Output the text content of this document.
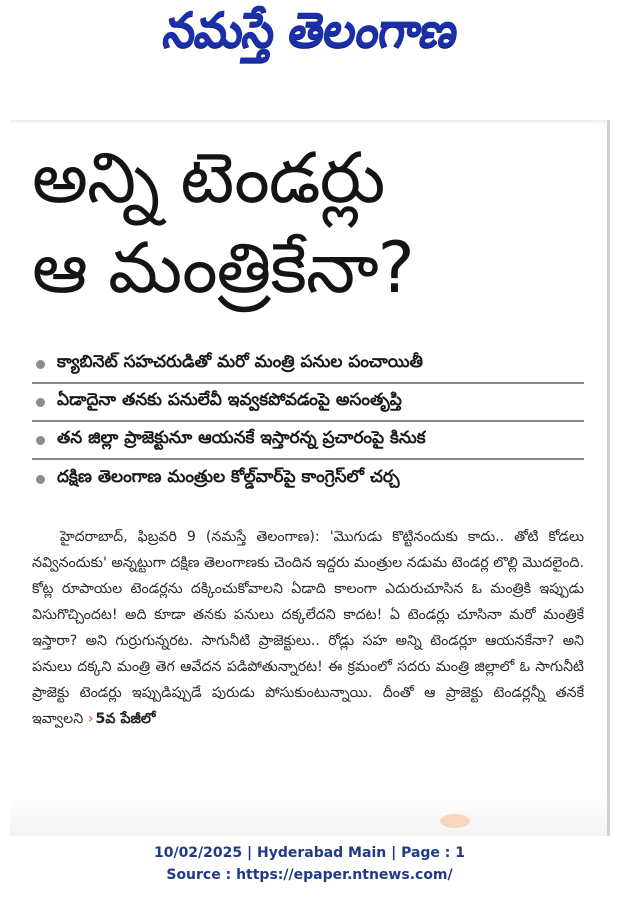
నమస్తే తెలంగాణ
అన్ని టెండర్లు
ఆ మంత్రికేనా?
క్యాబినెట్ సహచరుడితో మరో మంత్రి పనుల పంచాయితీ
ఏడాదైనా తనకు పనులేవీ ఇవ్వకపోవడంపై అసంతృప్తి
తన జిల్లా ప్రాజెక్టునూ ఆయనకే ఇస్తారన్న ప్రచారంపై కినుక
దక్షిణ తెలంగాణ మంత్రుల కోల్డ్‌వార్‌పై కాంగ్రెస్‌లో చర్చ

హైదరాబాద్, ఫిబ్రవరి 9 (నమస్తే తెలంగాణ): 'మొగుడు కొట్టినందుకు కాదు.. తోటి కోడలు నవ్వినందుకు' అన్నట్టుగా దక్షిణ తెలంగాణకు చెందిన ఇద్దరు మంత్రుల నడుమ టెండర్ల లొల్లి మొదలైంది. కోట్ల రూపాయల టెండర్లను దక్కించుకోవాలని ఏడాది కాలంగా ఎదురుచూసిన ఓ మంత్రికి ఇప్పుడు విసుగొచ్చిందట! అది కూడా తనకు పనులు దక్కలేదని కాదట! ఏ టెండర్లు చూసినా మరో మంత్రికే ఇస్తారా? అని గుర్రుగున్నరట. సాగునీటి ప్రాజెక్టులు.. రోడ్లు సహ అన్ని టెండర్లూ ఆయనకేనా? అని పనులు దక్కని మంత్రి తెగ ఆవేదన పడిపోతున్నారట! ఈ క్రమంలో సదరు మంత్రి జిల్లాలో ఓ సాగునీటి ప్రాజెక్టు టెండర్లు ఇప్పుడిప్పుడే పురుడు పోసుకుంటున్నాయి. దీంతో ఆ ప్రాజెక్టు టెండర్లన్నీ తనకే ఇవ్వాలని › 5వ పేజీలో

10/02/2025 | Hyderabad Main | Page : 1
Source : https://epaper.ntnews.com/
